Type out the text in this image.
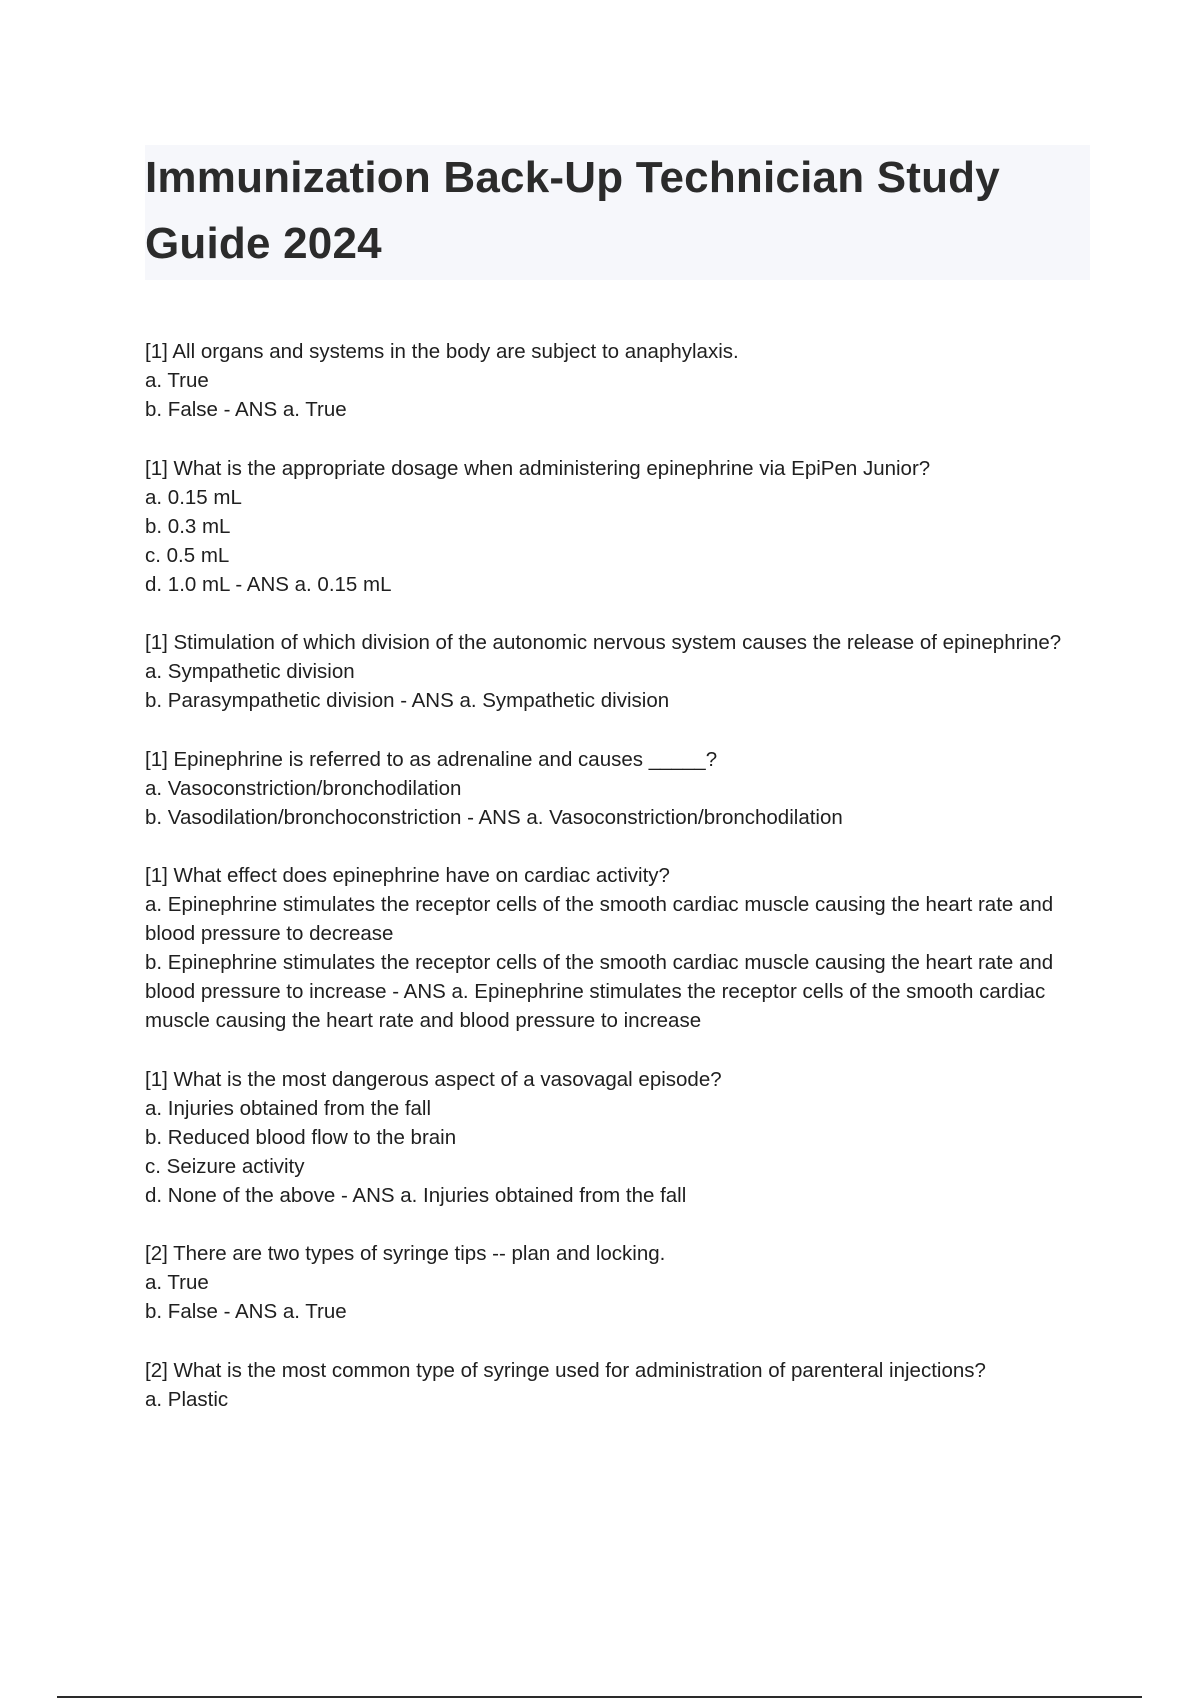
Immunization Back-Up Technician Study Guide 2024
[1] All organs and systems in the body are subject to anaphylaxis.
a. True
b. False - ANS a. True
[1] What is the appropriate dosage when administering epinephrine via EpiPen Junior?
a. 0.15 mL
b. 0.3 mL
c. 0.5 mL
d. 1.0 mL - ANS a. 0.15 mL
[1] Stimulation of which division of the autonomic nervous system causes the release of epinephrine?
a. Sympathetic division
b. Parasympathetic division - ANS a. Sympathetic division
[1] Epinephrine is referred to as adrenaline and causes _____?
a. Vasoconstriction/bronchodilation
b. Vasodilation/bronchoconstriction - ANS a. Vasoconstriction/bronchodilation
[1] What effect does epinephrine have on cardiac activity?
a. Epinephrine stimulates the receptor cells of the smooth cardiac muscle causing the heart rate and blood pressure to decrease
b. Epinephrine stimulates the receptor cells of the smooth cardiac muscle causing the heart rate and blood pressure to increase - ANS a. Epinephrine stimulates the receptor cells of the smooth cardiac muscle causing the heart rate and blood pressure to increase
[1] What is the most dangerous aspect of a vasovagal episode?
a. Injuries obtained from the fall
b. Reduced blood flow to the brain
c. Seizure activity
d. None of the above - ANS a. Injuries obtained from the fall
[2] There are two types of syringe tips -- plan and locking.
a. True
b. False - ANS a. True
[2] What is the most common type of syringe used for administration of parenteral injections?
a. Plastic
